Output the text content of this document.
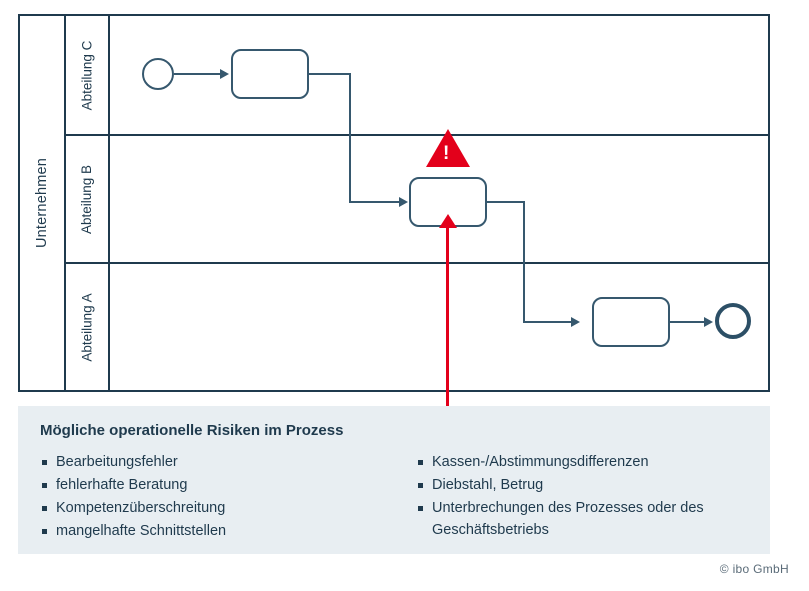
Unternehmen
Abteilung C
Abteilung B
Abteilung A
!

Mögliche operationelle Risiken im Prozess

Bearbeitungsfehler
fehlerhafte Beratung
Kompetenzüberschreitung
mangelhafte Schnittstellen
Kassen-/Abstimmungsdifferenzen
Diebstahl, Betrug
Unterbrechungen des Prozesses oder des Geschäftsbetriebs
© ibo GmbH
